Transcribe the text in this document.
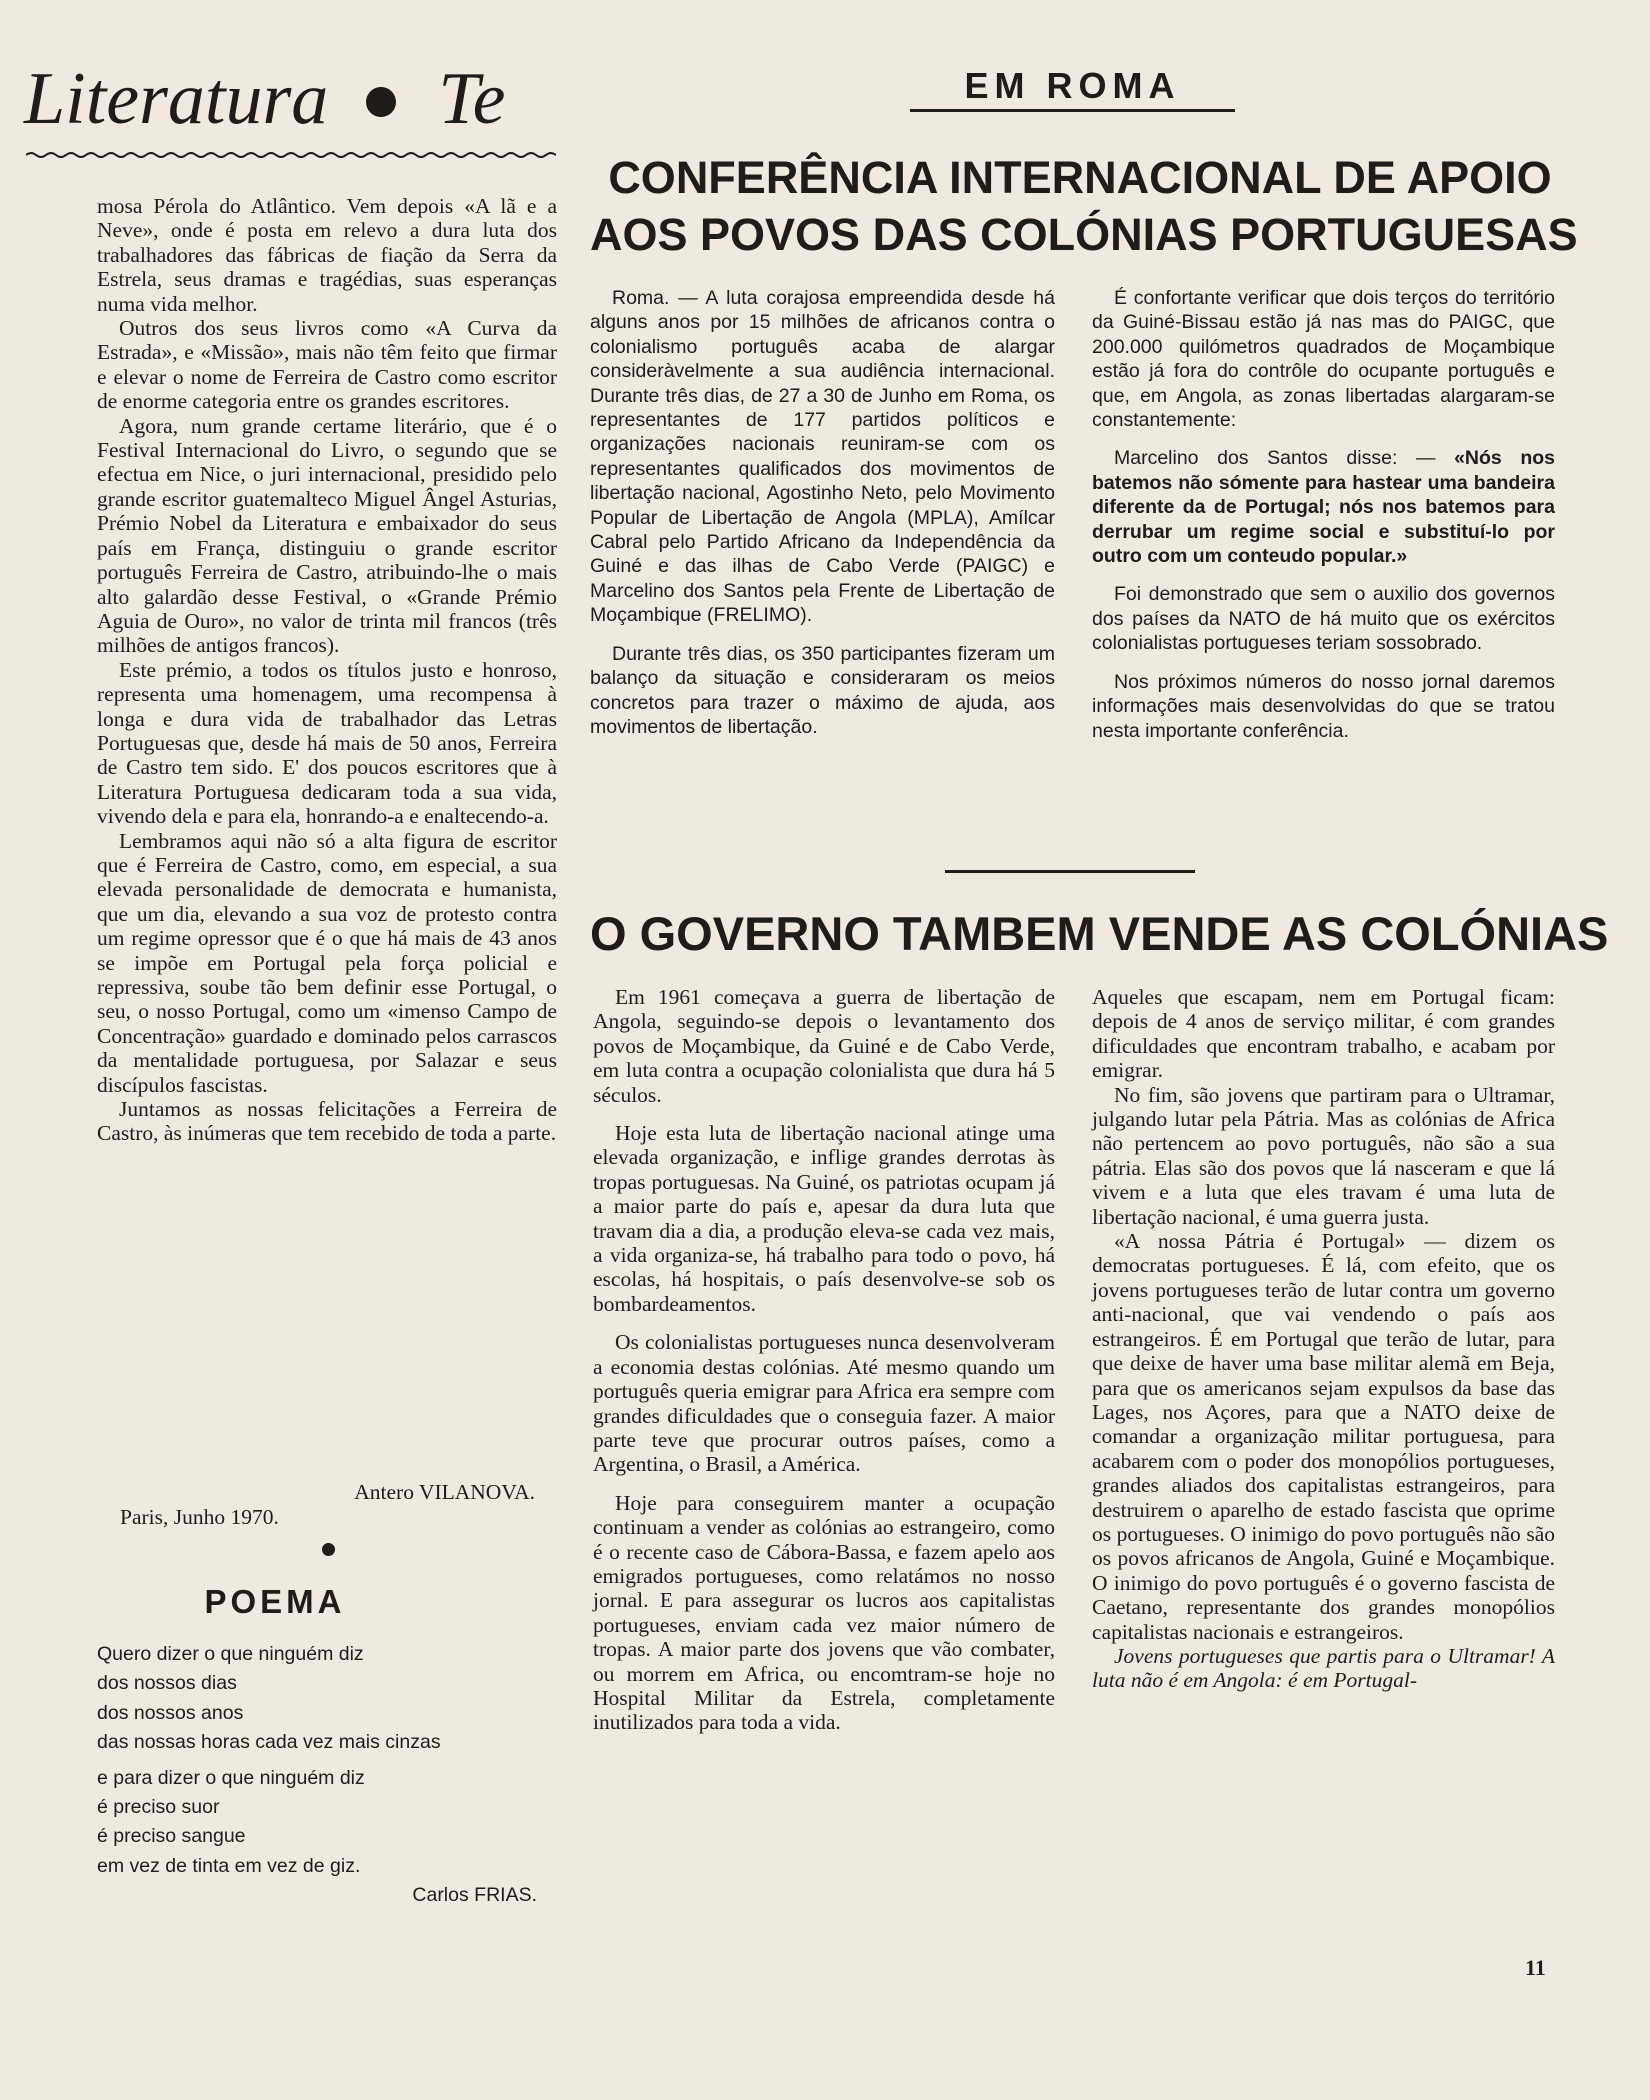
Literatura Te

mosa Pérola do Atlântico. Vem depois «A lã e a Neve», onde é posta em relevo a dura luta dos trabalhadores das fábricas de fiação da Serra da Estrela, seus dramas e tragédias, suas esperanças numa vida melhor.

Outros dos seus livros como «A Curva da Estrada», e «Missão», mais não têm feito que firmar e elevar o nome de Ferreira de Castro como escritor de enorme categoria entre os grandes escritores.

Agora, num grande certame literário, que é o Festival Internacional do Livro, o segundo que se efectua em Nice, o juri internacional, presidido pelo grande escritor guatemalteco Miguel Ângel Asturias, Prémio Nobel da Literatura e embaixador do seus país em França, distinguiu o grande escritor português Ferreira de Castro, atribuindo-lhe o mais alto galardão desse Festival, o «Grande Prémio Aguia de Ouro», no valor de trinta mil francos (três milhões de antigos francos).

Este prémio, a todos os títulos justo e honroso, representa uma homenagem, uma recompensa à longa e dura vida de trabalhador das Letras Portuguesas que, desde há mais de 50 anos, Ferreira de Castro tem sido. E' dos poucos escritores que à Literatura Portuguesa dedicaram toda a sua vida, vivendo dela e para ela, honrando-a e enaltecendo-a.

Lembramos aqui não só a alta figura de escritor que é Ferreira de Castro, como, em especial, a sua elevada personalidade de democrata e humanista, que um dia, elevando a sua voz de protesto contra um regime opressor que é o que há mais de 43 anos se impõe em Portugal pela força policial e repressiva, soube tão bem definir esse Portugal, o seu, o nosso Portugal, como um «imenso Campo de Concentração» guardado e dominado pelos carrascos da mentalidade portuguesa, por Salazar e seus discípulos fascistas.

Juntamos as nossas felicitações a Ferreira de Castro, às inúmeras que tem recebido de toda a parte.

Antero VILANOVA.
Paris, Junho 1970.
POEMA
Quero dizer o que ninguém diz
dos nossos dias
dos nossos anos
das nossas horas cada vez mais cinzas
e para dizer o que ninguém diz
é preciso suor
é preciso sangue
em vez de tinta em vez de giz.
Carlos FRIAS.
EM ROMA
CONFERÊNCIA INTERNACIONAL DE APOIO
AOS POVOS DAS COLÓNIAS PORTUGUESAS

Roma. — A luta corajosa empreendida desde há alguns anos por 15 milhões de africanos contra o colonialismo português acaba de alargar consideràvelmente a sua audiência internacional. Durante três dias, de 27 a 30 de Junho em Roma, os representantes de 177 partidos políticos e organizações nacionais reuniram-se com os representantes qualificados dos movimentos de libertação nacional, Agostinho Neto, pelo Movimento Popular de Libertação de Angola (MPLA), Amílcar Cabral pelo Partido Africano da Independência da Guiné e das ilhas de Cabo Verde (PAIGC) e Marcelino dos Santos pela Frente de Libertação de Moçambique (FRELIMO).

Durante três dias, os 350 participantes fizeram um balanço da situação e consideraram os meios concretos para trazer o máximo de ajuda, aos movimentos de libertação.

É confortante verificar que dois terços do território da Guiné-Bissau estão já nas mas do PAIGC, que 200.000 quilómetros quadrados de Moçambique estão já fora do contrôle do ocupante português e que, em Angola, as zonas libertadas alargaram-se constantemente:

Marcelino dos Santos disse: — «Nós nos batemos não sómente para hastear uma bandeira diferente da de Portugal; nós nos batemos para derrubar um regime social e substituí-lo por outro com um conteudo popular.»

Foi demonstrado que sem o auxilio dos governos dos países da NATO de há muito que os exércitos colonialistas portugueses teriam sossobrado.

Nos próximos números do nosso jornal daremos informações mais desenvolvidas do que se tratou nesta importante conferência.

O GOVERNO TAMBEM VENDE AS COLÓNIAS

Em 1961 começava a guerra de libertação de Angola, seguindo-se depois o levantamento dos povos de Moçambique, da Guiné e de Cabo Verde, em luta contra a ocupação colonialista que dura há 5 séculos.

Hoje esta luta de libertação nacional atinge uma elevada organização, e inflige grandes derrotas às tropas portuguesas. Na Guiné, os patriotas ocupam já a maior parte do país e, apesar da dura luta que travam dia a dia, a produção eleva-se cada vez mais, a vida organiza-se, há trabalho para todo o povo, há escolas, há hospitais, o país desenvolve-se sob os bombardeamentos.

Os colonialistas portugueses nunca desenvolveram a economia destas colónias. Até mesmo quando um português queria emigrar para Africa era sempre com grandes dificuldades que o conseguia fazer. A maior parte teve que procurar outros países, como a Argentina, o Brasil, a América.

Hoje para conseguirem manter a ocupação continuam a vender as colónias ao estrangeiro, como é o recente caso de Cábora-Bassa, e fazem apelo aos emigrados portugueses, como relatámos no nosso jornal. E para assegurar os lucros aos capitalistas portugueses, enviam cada vez maior número de tropas. A maior parte dos jovens que vão combater, ou morrem em Africa, ou encomtram-se hoje no Hospital Militar da Estrela, completamente inutilizados para toda a vida.

Aqueles que escapam, nem em Portugal ficam: depois de 4 anos de serviço militar, é com grandes dificuldades que encontram trabalho, e acabam por emigrar.

No fim, são jovens que partiram para o Ultramar, julgando lutar pela Pátria. Mas as colónias de Africa não pertencem ao povo português, não são a sua pátria. Elas são dos povos que lá nasceram e que lá vivem e a luta que eles travam é uma luta de libertação nacional, é uma guerra justa.

«A nossa Pátria é Portugal» — dizem os democratas portugueses. É lá, com efeito, que os jovens portugueses terão de lutar contra um governo anti-nacional, que vai vendendo o país aos estrangeiros. É em Portugal que terão de lutar, para que deixe de haver uma base militar alemã em Beja, para que os americanos sejam expulsos da base das Lages, nos Açores, para que a NATO deixe de comandar a organização militar portuguesa, para acabarem com o poder dos monopólios portugueses, grandes aliados dos capitalistas estrangeiros, para destruirem o aparelho de estado fascista que oprime os portugueses. O inimigo do povo português não são os povos africanos de Angola, Guiné e Moçambique. O inimigo do povo português é o governo fascista de Caetano, representante dos grandes monopólios capitalistas nacionais e estrangeiros.

Jovens portugueses que partis para o Ultramar! A luta não é em Angola: é em Portugal-

11
